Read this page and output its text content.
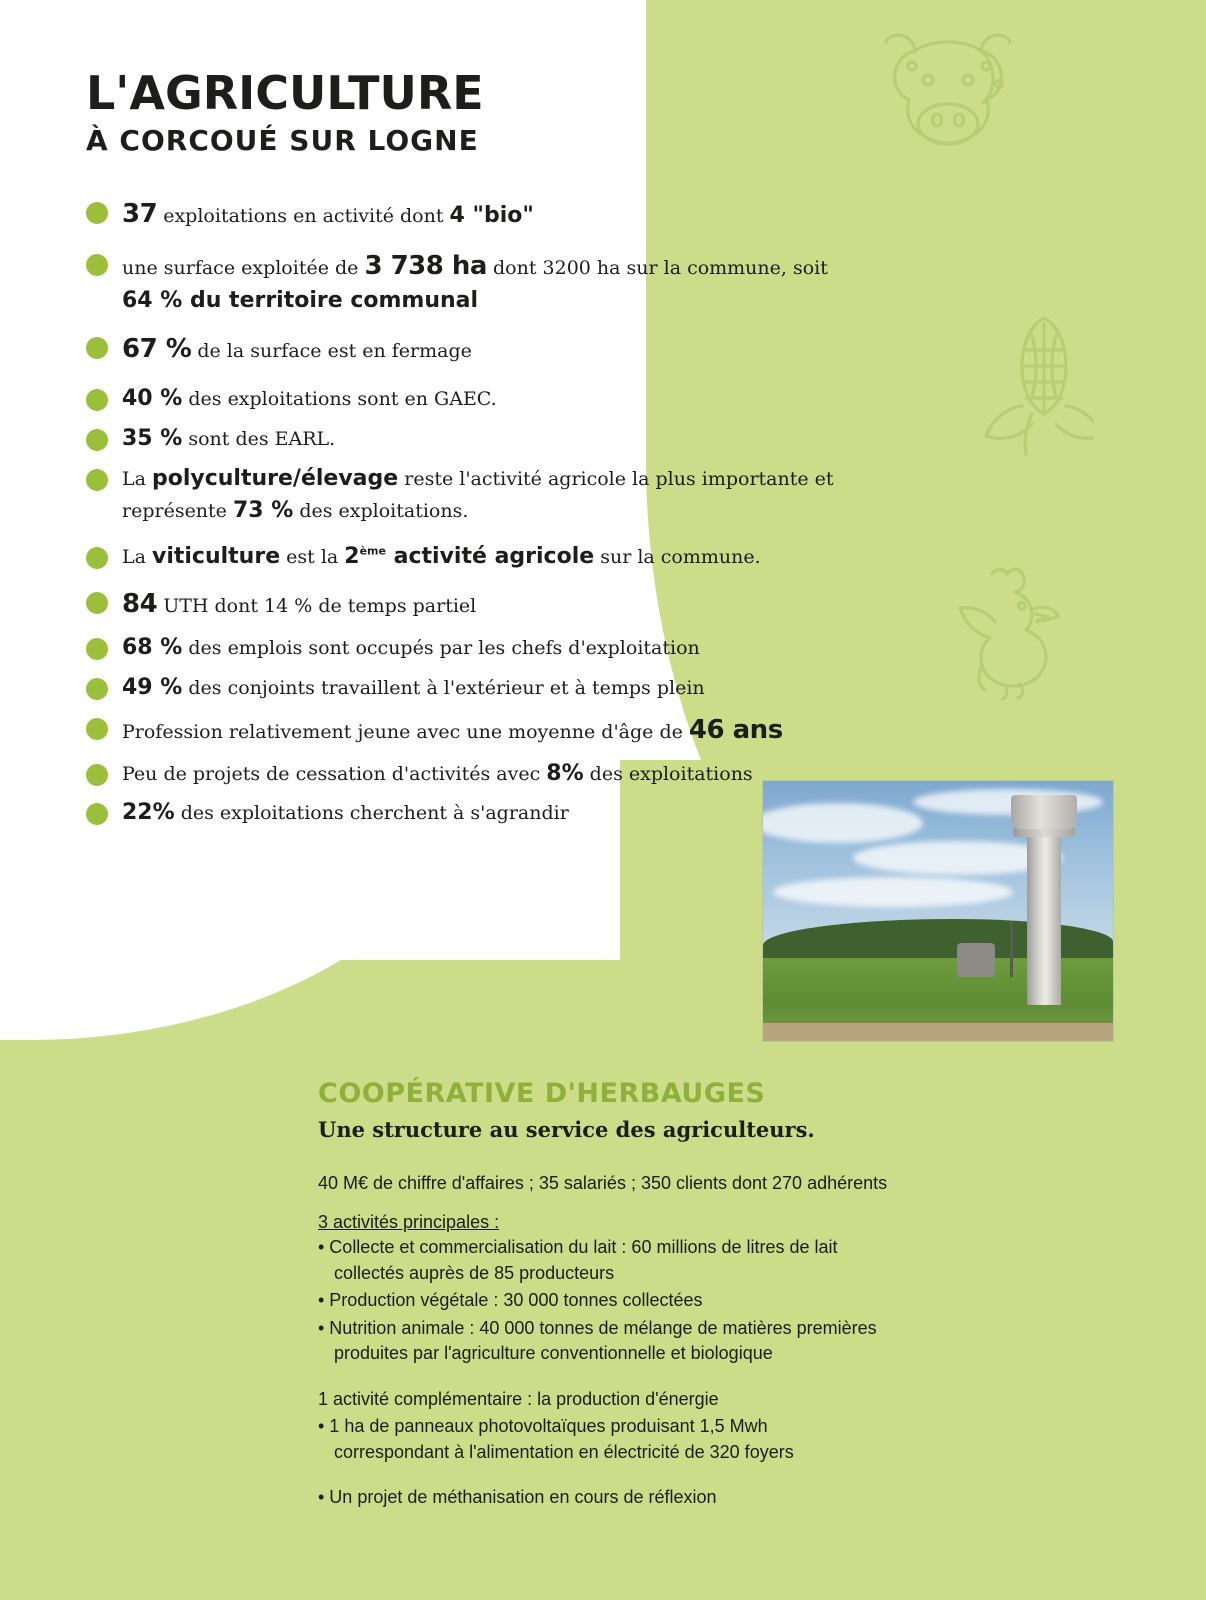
L'AGRICULTURE
À CORCOUÉ SUR LOGNE
37 exploitations en activité dont 4 "bio"
une surface exploitée de 3 738 ha dont 3200 ha sur la commune, soit 64 % du territoire communal
67 % de la surface est en fermage
40 % des exploitations sont en GAEC.
35 % sont des EARL.
La polyculture/élevage reste l'activité agricole la plus importante et représente 73 % des exploitations.
La viticulture est la 2ème activité agricole sur la commune.
84 UTH dont 14 % de temps partiel
68 % des emplois sont occupés par les chefs d'exploitation
49 % des conjoints travaillent à l'extérieur et à temps plein
Profession relativement jeune avec une moyenne d'âge de 46 ans
Peu de projets de cessation d'activités avec 8% des exploitations
22% des exploitations cherchent à s'agrandir
COOPÉRATIVE D'HERBAUGES
Une structure au service des agriculteurs.
40 M€ de chiffre d'affaires ; 35 salariés ; 350 clients dont 270 adhérents
3 activités principales :
• Collecte et commercialisation du lait : 60 millions de litres de lait
collectés auprès de 85 producteurs
• Production végétale : 30 000 tonnes collectées
• Nutrition animale : 40 000 tonnes de mélange de matières premières
produites par l'agriculture conventionnelle et biologique
1 activité complémentaire : la production d'énergie
• 1 ha de panneaux photovoltaïques produisant 1,5 Mwh
correspondant à l'alimentation en électricité de 320 foyers
• Un projet de méthanisation en cours de réflexion
